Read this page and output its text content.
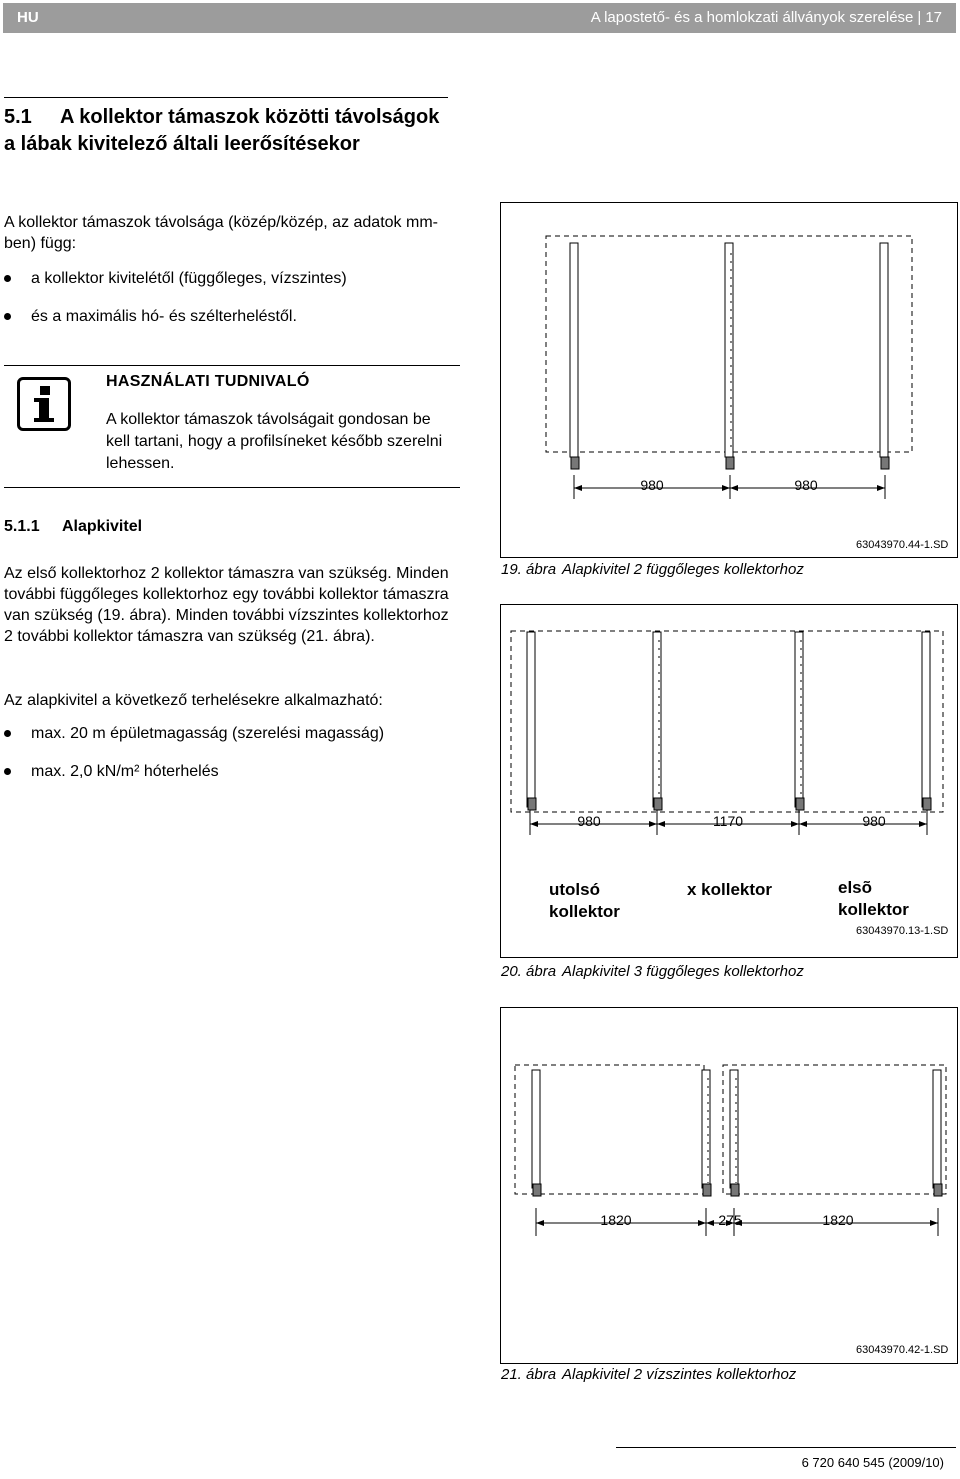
HU	A lapostető- és a homlokzati állványok szerelése | 17
5.1 A kollektor támaszok közötti távolságok a lábak kivitelező általi leerősítésekor
A kollektor támaszok távolsága (közép/közép, az adatok mm-ben) függ:
a kollektor kivitelétől (függőleges, vízszintes)
és a maximális hó- és szélterheléstől.
HASZNÁLATI TUDNIVALÓ
A kollektor támaszok távolságait gondosan be kell tartani, hogy a profilsíneket később szerelni lehessen.
5.1.1 Alapkivitel
Az első kollektorhoz 2 kollektor támaszra van szükség. Minden további függőleges kollektorhoz egy további kollektor támaszra van szükség (19. ábra). Minden további vízszintes kollektorhoz 2 további kollektor támaszra van szükség (21. ábra).
Az alapkivitel a következő terhelésekre alkalmazható:
max. 20 m épületmagasság (szerelési magasság)
max. 2,0 kN/m² hóterhelés
980	980
63043970.44-1.SD
19. ábra Alapkivitel 2 függőleges kollektorhoz
980	1170	980
utolsó kollektor
x kollektor	elsõ kollektor
63043970.13-1.SD
20. ábra Alapkivitel 3 függőleges kollektorhoz
1820	275	1820
63043970.42-1.SD
21. ábra Alapkivitel 2 vízszintes kollektorhoz
6 720 640 545 (2009/10)
